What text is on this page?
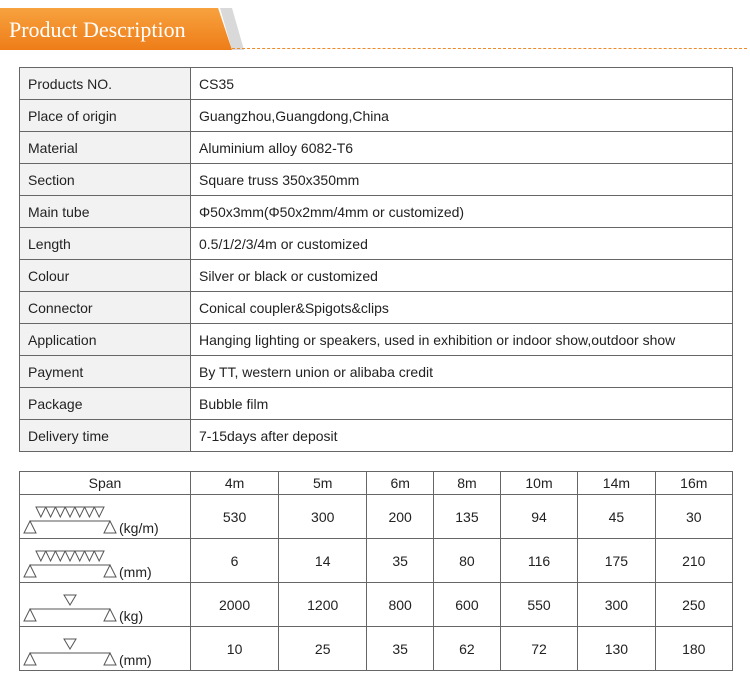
Product Description
Products NO.	CS35
Place of origin	Guangzhou,Guangdong,China
Material	Aluminium alloy 6082-T6
Section	Square truss 350x350mm
Main tube	Φ50x3mm(Φ50x2mm/4mm or customized)
Length	0.5/1/2/3/4m or customized
Colour	Silver or black or customized
Connector	Conical coupler&Spigots&clips
Application	Hanging lighting or speakers, used in exhibition or indoor show,outdoor show
Payment	By TT, western union or alibaba credit
Package	Bubble film
Delivery time	7-15days after deposit
Span	4m	5m	6m	8m	10m	14m	16m

(kg/m)	530	300	200	135	94	45	30

(mm)	6	14	35	80	116	175	210

(kg)	2000	1200	800	600	550	300	250

(mm)	10	25	35	62	72	130	180
